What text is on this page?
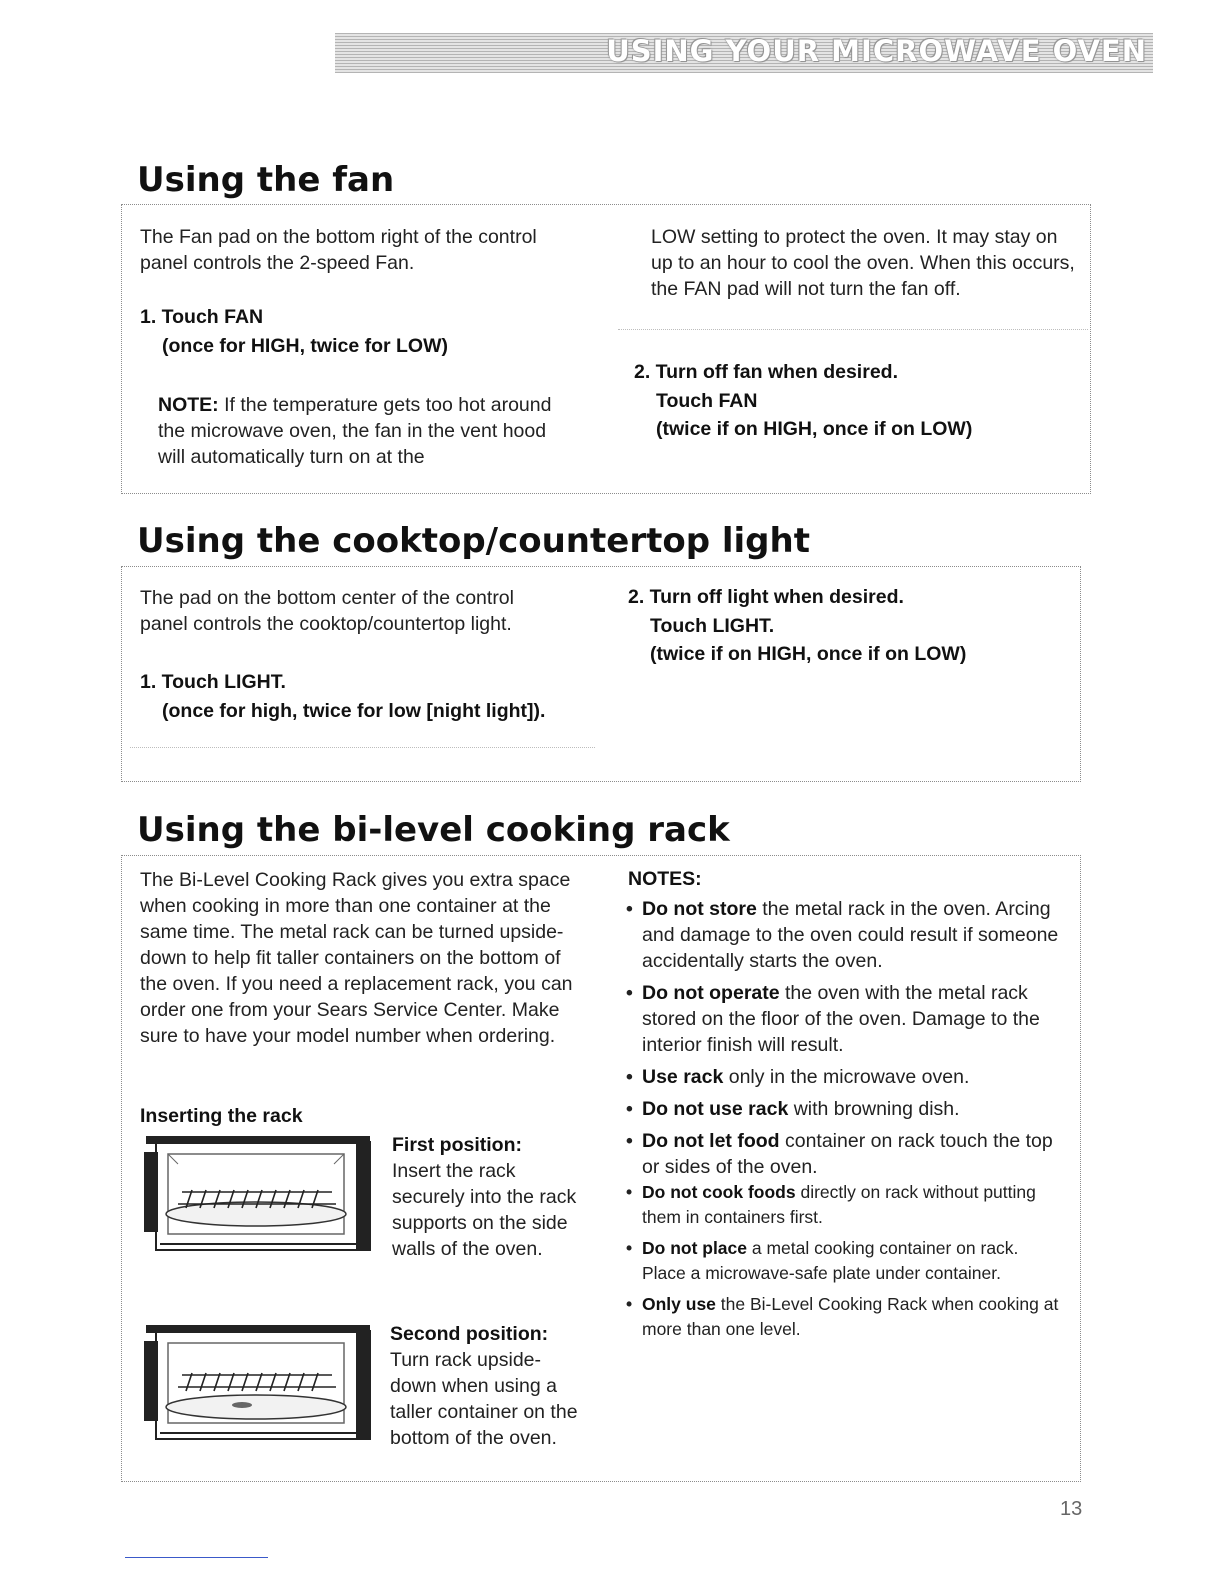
USING YOUR MICROWAVE OVEN
Using the fan

The Fan pad on the bottom right of the control panel controls the 2-speed Fan.

1. Touch FAN
(once for HIGH, twice for LOW)

NOTE: If the temperature gets too hot around the microwave oven, the fan in the vent hood will automatically turn on at the

LOW setting to protect the oven. It may stay on up to an hour to cool the oven. When this occurs, the FAN pad will not turn the fan off.

2. Turn off fan when desired.
Touch FAN
(twice if on HIGH, once if on LOW)
Using the cooktop/countertop light

The pad on the bottom center of the control panel controls the cooktop/countertop light.

1. Touch LIGHT.
(once for high, twice for low [night light]).
2. Turn off light when desired.
Touch LIGHT.
(twice if on HIGH, once if on LOW)
Using the bi-level cooking rack

The Bi-Level Cooking Rack gives you extra space when cooking in more than one container at the same time. The metal rack can be turned upside-down to help fit taller containers on the bottom of the oven. If you need a replacement rack, you can order one from your Sears Service Center. Make sure to have your model number when ordering.

Inserting the rack

First position:
Insert the rack securely into the rack supports on the side walls of the oven.

Second position:
Turn rack upside-down when using a taller container on the bottom of the oven.

NOTES:

• Do not store the metal rack in the oven. Arcing and damage to the oven could result if someone accidentally starts the oven.
• Do not operate the oven with the metal rack stored on the floor of the oven. Damage to the interior finish will result.
• Use rack only in the microwave oven.
• Do not use rack with browning dish.
• Do not let food container on rack touch the top or sides of the oven.
• Do not cook foods directly on rack without putting them in containers first.
• Do not place a metal cooking container on rack. Place a microwave-safe plate under container.
• Only use the Bi-Level Cooking Rack when cooking at more than one level.
13
